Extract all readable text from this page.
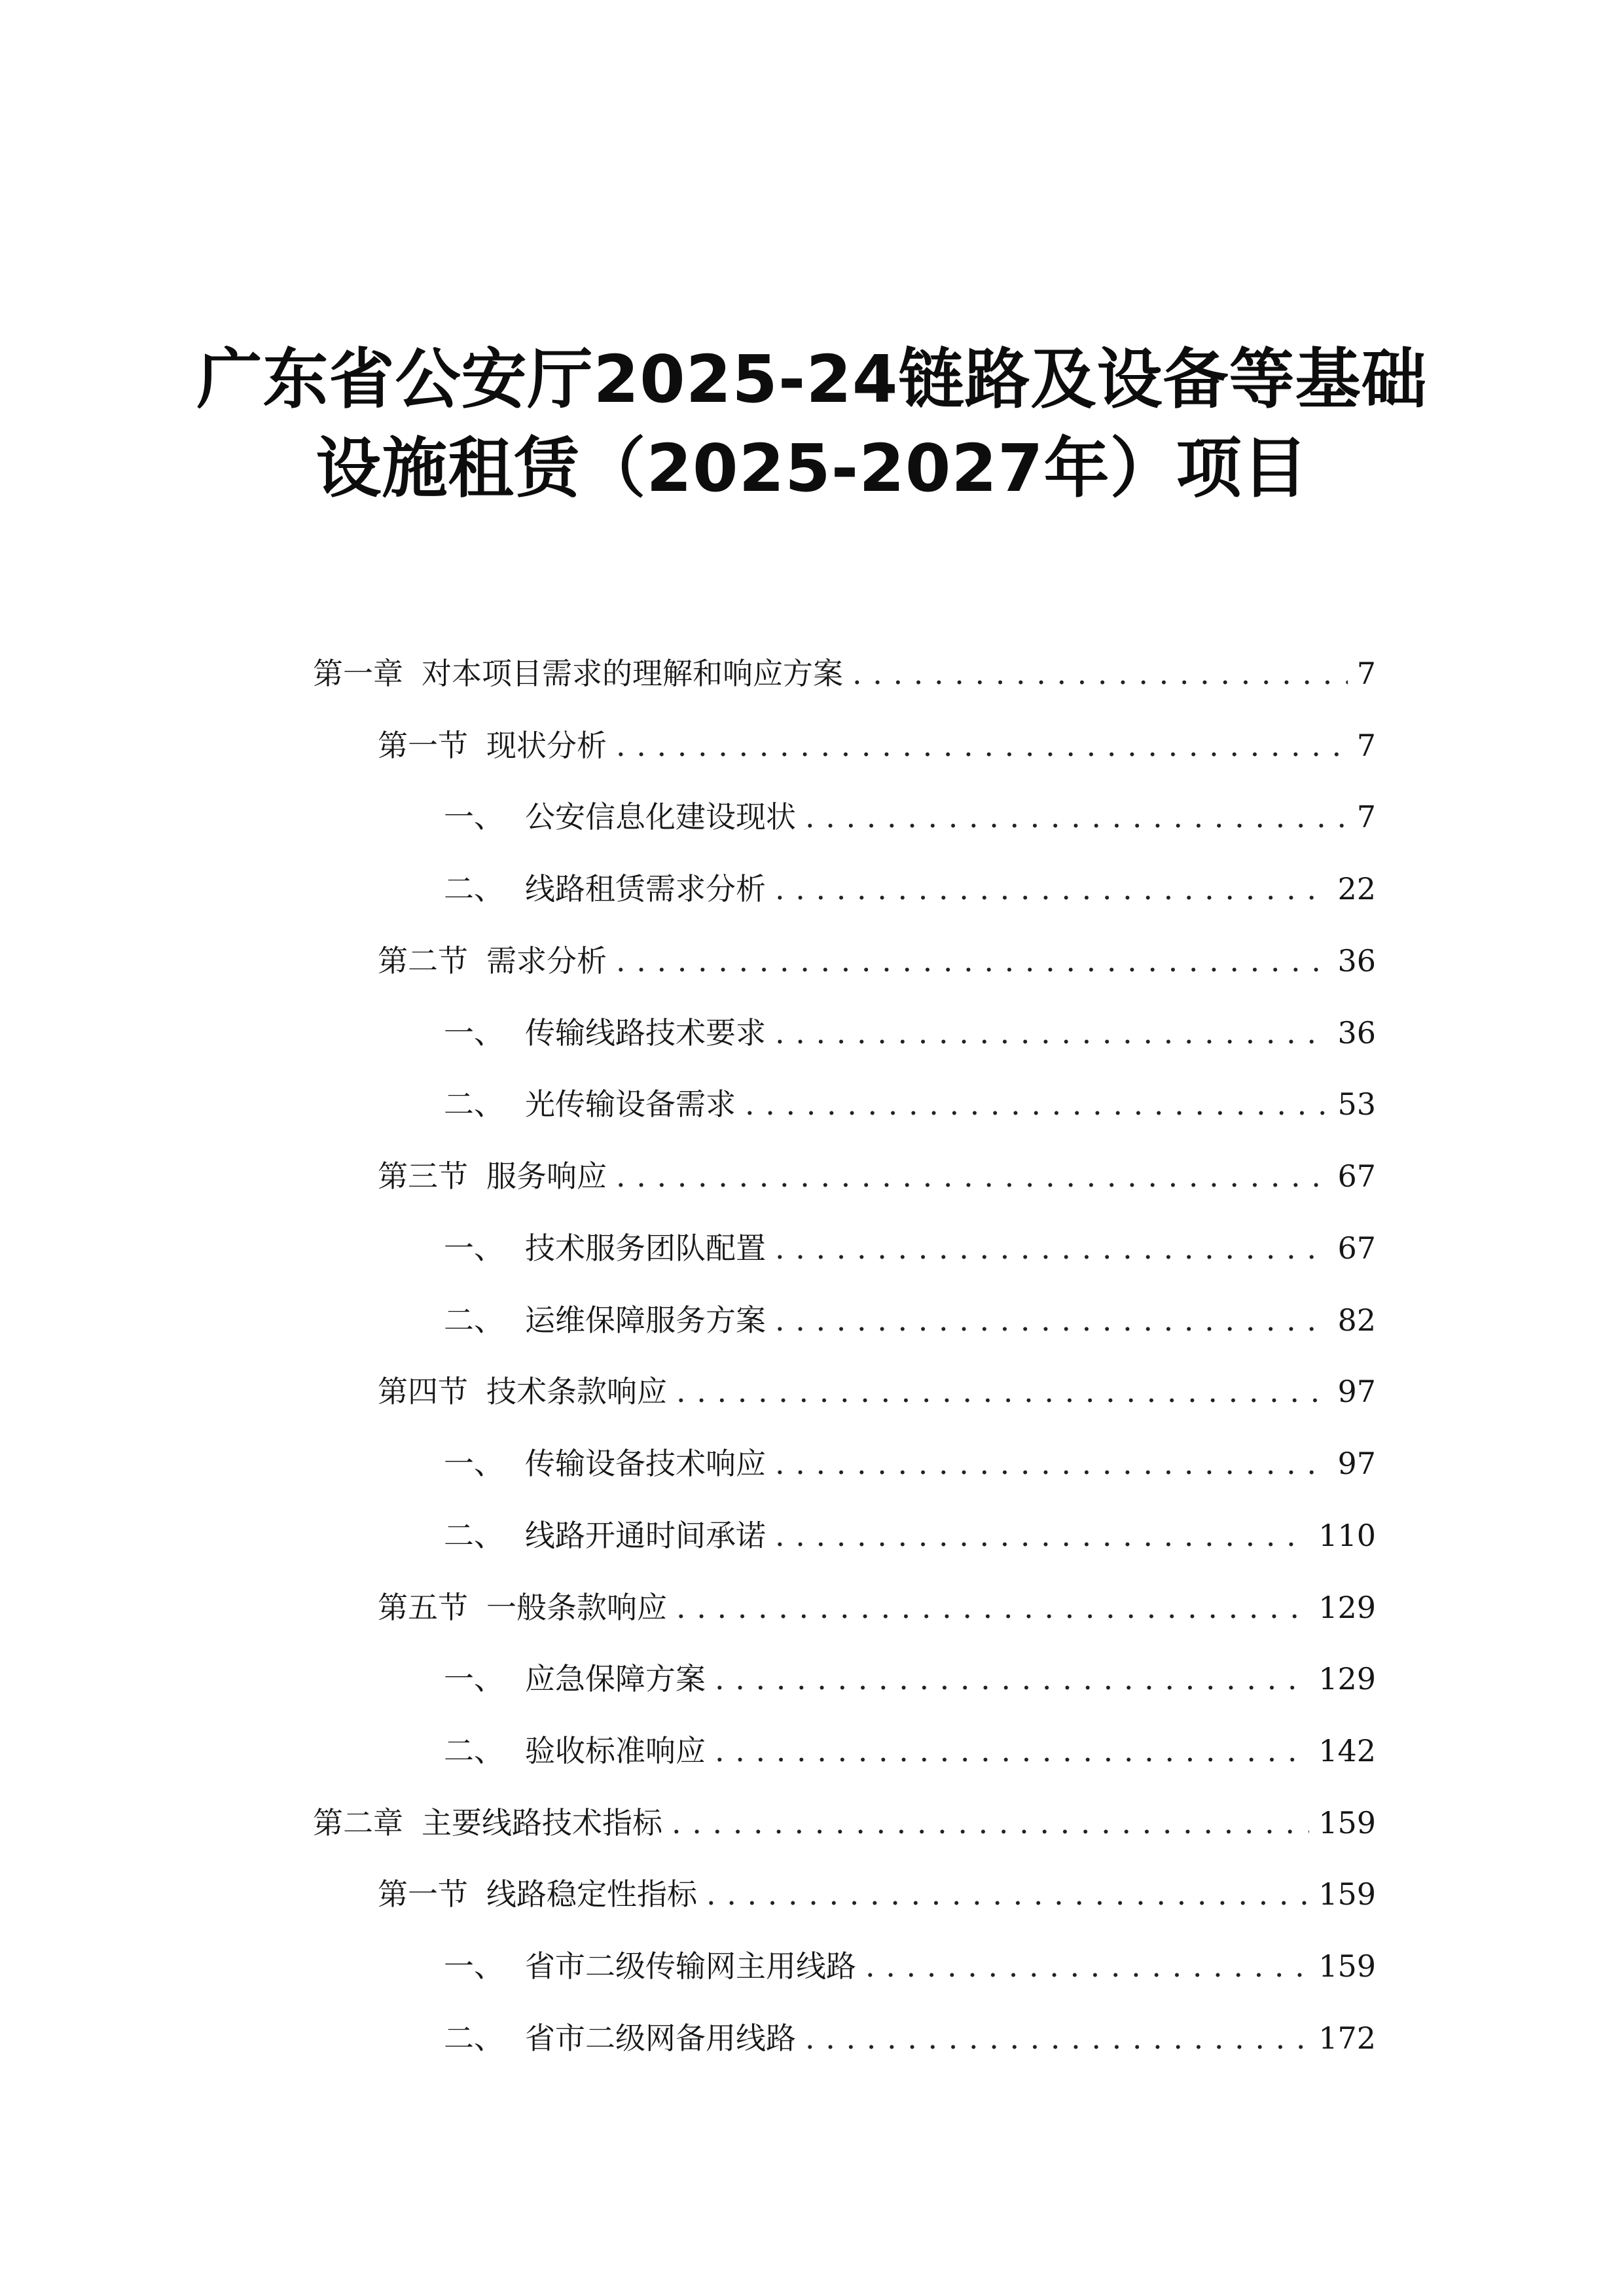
广东省公安厅2025-24链路及设备等基础
设施租赁（2025-2027年）项目
第一章 对本项目需求的理解和响应方案 . . .	7
第一节 现状分析 . . .	7
一、 公安信息化建设现状 . . .	7
二、 线路租赁需求分析 . . .	22
第二节 需求分析 . . .	36
一、 传输线路技术要求 . . .	36
二、 光传输设备需求 . . .	53
第三节 服务响应 . . .	67
一、 技术服务团队配置 . . .	67
二、 运维保障服务方案 . . .	82
第四节 技术条款响应 . . .	97
一、 传输设备技术响应 . . .	97
二、 线路开通时间承诺 . . .	110
第五节 一般条款响应 . . .	129
一、 应急保障方案 . . .	129
二、 验收标准响应 . . .	142
第二章 主要线路技术指标 . . .	159
第一节 线路稳定性指标 . . .	159
一、 省市二级传输网主用线路 . . .	159
二、 省市二级网备用线路 . . .	172
